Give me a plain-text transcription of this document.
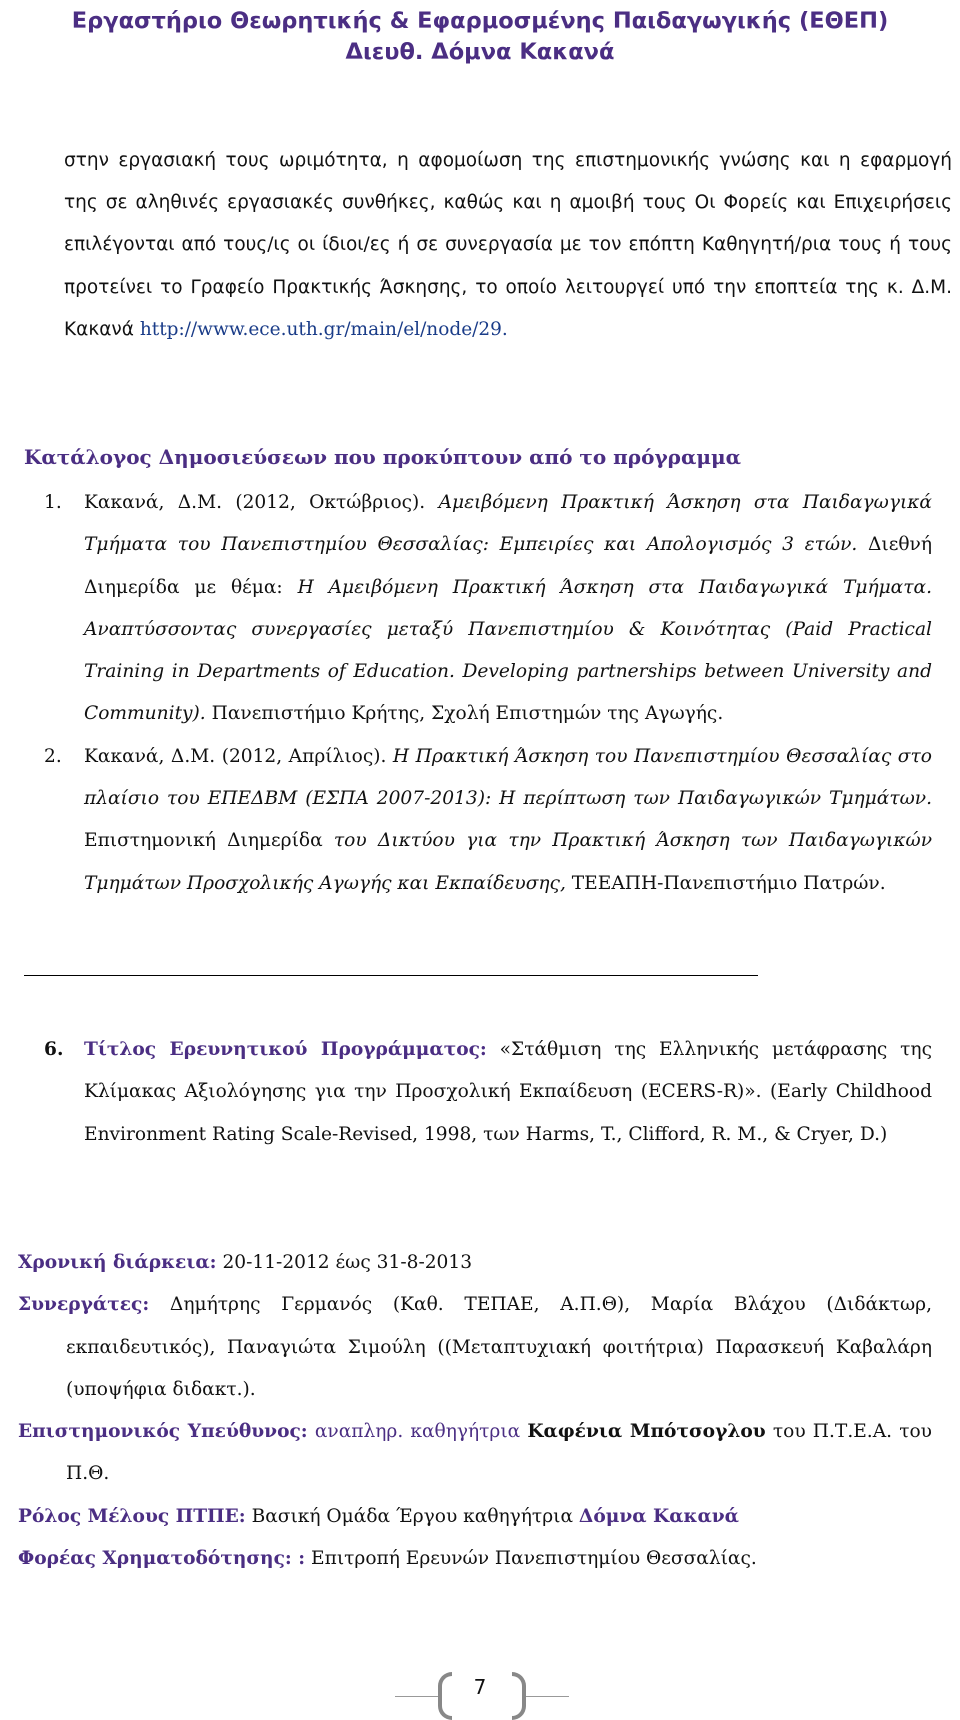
Εργαστήριο Θεωρητικής & Εφαρμοσμένης Παιδαγωγικής (ΕΘΕΠ)
Διευθ. Δόμνα Κακανά

στην εργασιακή τους ωριμότητα, η αφομοίωση της επιστημονικής γνώσης και η εφαρμογή της σε αληθινές εργασιακές συνθήκες, καθώς και η αμοιβή τους Οι Φορείς και Επιχειρήσεις επιλέγονται από τους/ις οι ίδιοι/ες ή σε συνεργασία με τον επόπτη Καθηγητή/ρια τους ή τους προτείνει το Γραφείο Πρακτικής Άσκησης, το οποίο λειτουργεί υπό την εποπτεία της κ. Δ.Μ. Κακανά http://www.ece.uth.gr/main/el/node/29.

Κατάλογος Δημοσιεύσεων που προκύπτουν από το πρόγραμμα
1. Κακανά, Δ.Μ. (2012, Οκτώβριος). Αμειβόμενη Πρακτική Άσκηση στα Παιδαγωγικά Τμήματα του Πανεπιστημίου Θεσσαλίας: Εμπειρίες και Απολογισμός 3 ετών. Διεθνή Διημερίδα με θέμα: Η Αμειβόμενη Πρακτική Άσκηση στα Παιδαγωγικά Τμήματα. Αναπτύσσοντας συνεργασίες μεταξύ Πανεπιστημίου & Κοινότητας (Paid Practical Training in Departments of Education. Developing partnerships between University and Community). Πανεπιστήμιο Κρήτης, Σχολή Επιστημών της Αγωγής.
2. Κακανά, Δ.Μ. (2012, Απρίλιος). Η Πρακτική Άσκηση του Πανεπιστημίου Θεσσαλίας στο πλαίσιο του ΕΠΕΔΒΜ (ΕΣΠΑ 2007-2013): Η περίπτωση των Παιδαγωγικών Τμημάτων. Επιστημονική Διημερίδα του Δικτύου για την Πρακτική Άσκηση των Παιδαγωγικών Τμημάτων Προσχολικής Αγωγής και Εκπαίδευσης, ΤΕΕΑΠΗ-Πανεπιστήμιο Πατρών.
6. Τίτλος Ερευνητικού Προγράμματος: «Στάθμιση της Ελληνικής μετάφρασης της Κλίμακας Αξιολόγησης για την Προσχολική Εκπαίδευση (ECERS-R)». (Early Childhood Environment Rating Scale-Revised, 1998, των Harms, T., Clifford, R. M., & Cryer, D.)

Χρονική διάρκεια: 20-11-2012 έως 31-8-2013

Συνεργάτες: Δημήτρης Γερμανός (Καθ. ΤΕΠΑΕ, Α.Π.Θ), Μαρία Βλάχου (Διδάκτωρ, εκπαιδευτικός), Παναγιώτα Σιμούλη ((Μεταπτυχιακή φοιτήτρια) Παρασκευή Καβαλάρη (υποψήφια διδακτ.).

Επιστημονικός Υπεύθυνος: αναπληρ. καθηγήτρια Καφένια Μπότσογλου του Π.Τ.Ε.Α. του Π.Θ.

Ρόλος Μέλους ΠΤΠΕ: Βασική Ομάδα Έργου καθηγήτρια Δόμνα Κακανά

Φορέας Χρηματοδότησης: : Επιτροπή Ερευνών Πανεπιστημίου Θεσσαλίας.

7
